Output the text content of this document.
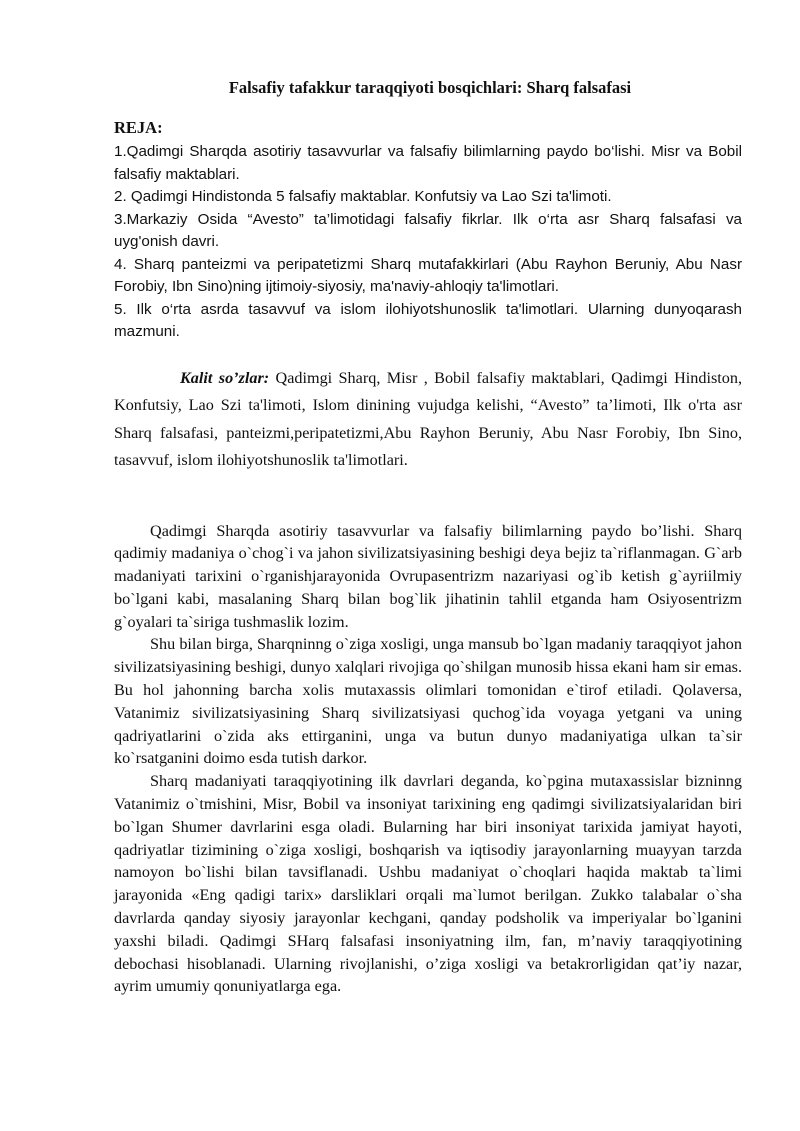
Falsafiy tafakkur taraqqiyoti bosqichlari: Sharq falsafasi
REJA:

1.Qadimgi Sharqda asotiriy tasavvurlar va falsafiy bilimlarning paydo bo‘lishi. Misr va Bobil falsafiy maktablari.

2. Qadimgi Hindistonda 5 falsafiy maktablar. Konfutsiy va Lao Szi ta'limoti.

3.Markaziy Osida “Avesto” ta’limotidagi falsafiy fikrlar. Ilk o‘rta asr Sharq falsafasi va uyg'onish davri.

4. Sharq panteizmi va peripatetizmi Sharq mutafakkirlari (Abu Rayhon Beruniy, Abu Nasr Forobiy, Ibn Sino)ning ijtimoiy-siyosiy, ma'naviy-ahloqiy ta'limotlari.

5. Ilk o‘rta asrda tasavvuf va islom ilohiyotshunoslik ta'limotlari. Ularning dunyoqarash mazmuni.

Kalit so’zlar: Qadimgi Sharq, Misr , Bobil falsafiy maktablari, Qadimgi Hindiston, Konfutsiy, Lao Szi ta'limoti, Islom dinining vujudga kelishi, “Avesto” ta’limoti, Ilk o'rta asr Sharq falsafasi, panteizmi,peripatetizmi,Abu Rayhon Beruniy, Abu Nasr Forobiy, Ibn Sino, tasavvuf, islom ilohiyotshunoslik ta'limotlari.

Qadimgi Sharqda asotiriy tasavvurlar va falsafiy bilimlarning paydo bo’lishi. Sharq qadimiy madaniya o`chog`i va jahon sivilizatsiyasining beshigi deya bejiz ta`riflanmagan. G`arb madaniyati tarixini o`rganishjarayonida Ovrupasentrizm nazariyasi og`ib ketish g`ayriilmiy bo`lgani kabi, masalaning Sharq bilan bog`lik jihatinin tahlil etganda ham Osiyosentrizm g`oyalari ta`siriga tushmaslik lozim.

Shu bilan birga, Sharqninng o`ziga xosligi, unga mansub bo`lgan madaniy taraqqiyot jahon sivilizatsiyasining beshigi, dunyo xalqlari rivojiga qo`shilgan munosib hissa ekani ham sir emas. Bu hol jahonning barcha xolis mutaxassis olimlari tomonidan e`tirof etiladi. Qolaversa, Vatanimiz sivilizatsiyasining Sharq sivilizatsiyasi quchog`ida voyaga yetgani va uning qadriyatlarini o`zida aks ettirganini, unga va butun dunyo madaniyatiga ulkan ta`sir ko`rsatganini doimo esda tutish darkor.

Sharq madaniyati taraqqiyotining ilk davrlari deganda, ko`pgina mutaxassislar bizninng Vatanimiz o`tmishini, Misr, Bobil va insoniyat tarixining eng qadimgi sivilizatsiyalaridan biri bo`lgan Shumer davrlarini esga oladi. Bularning har biri insoniyat tarixida jamiyat hayoti, qadriyatlar tizimining o`ziga xosligi, boshqarish va iqtisodiy jarayonlarning muayyan tarzda namoyon bo`lishi bilan tavsiflanadi. Ushbu madaniyat o`choqlari haqida maktab ta`limi jarayonida «Eng qadigi tarix» darsliklari orqali ma`lumot berilgan. Zukko talabalar o`sha davrlarda qanday siyosiy jarayonlar kechgani, qanday podsholik va imperiyalar bo`lganini yaxshi biladi. Qadimgi SHarq falsafasi insoniyatning ilm, fan, m’naviy taraqqiyotining debochasi hisoblanadi. Ularning rivojlanishi, o’ziga xosligi va betakrorligidan qat’iy nazar, ayrim umumiy qonuniyatlarga ega.
